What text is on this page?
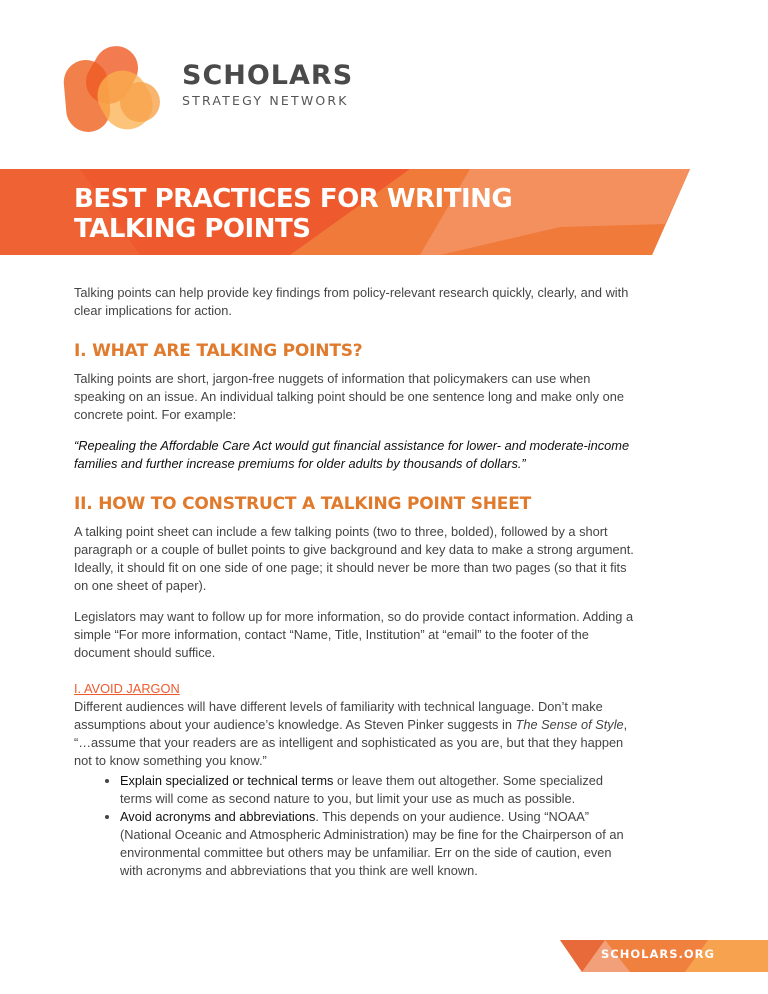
SCHOLARS
STRATEGY NETWORK
BEST PRACTICES FOR WRITING
TALKING POINTS

Talking points can help provide key findings from policy-relevant research quickly, clearly, and with clear implications for action.

I. WHAT ARE TALKING POINTS?

Talking points are short, jargon-free nuggets of information that policymakers can use when speaking on an issue. An individual talking point should be one sentence long and make only one concrete point. For example:

“Repealing the Affordable Care Act would gut financial assistance for lower- and moderate-income families and further increase premiums for older adults by thousands of dollars.”

II. HOW TO CONSTRUCT A TALKING POINT SHEET

A talking point sheet can include a few talking points (two to three, bolded), followed by a short paragraph or a couple of bullet points to give background and key data to make a strong argument. Ideally, it should fit on one side of one page; it should never be more than two pages (so that it fits on one sheet of paper).

Legislators may want to follow up for more information, so do provide contact information. Adding a simple “For more information, contact “Name, Title, Institution” at “email” to the footer of the document should suffice.

I. AVOID JARGON
Different audiences will have different levels of familiarity with technical language. Don’t make assumptions about your audience’s knowledge. As Steven Pinker suggests in The Sense of Style, “…assume that your readers are as intelligent and sophisticated as you are, but that they happen not to know something you know.”
• Explain specialized or technical terms or leave them out altogether. Some specialized terms will come as second nature to you, but limit your use as much as possible.
• Avoid acronyms and abbreviations. This depends on your audience. Using “NOAA” (National Oceanic and Atmospheric Administration) may be fine for the Chairperson of an environmental committee but others may be unfamiliar. Err on the side of caution, even with acronyms and abbreviations that you think are well known.
SCHOLARS.ORG
